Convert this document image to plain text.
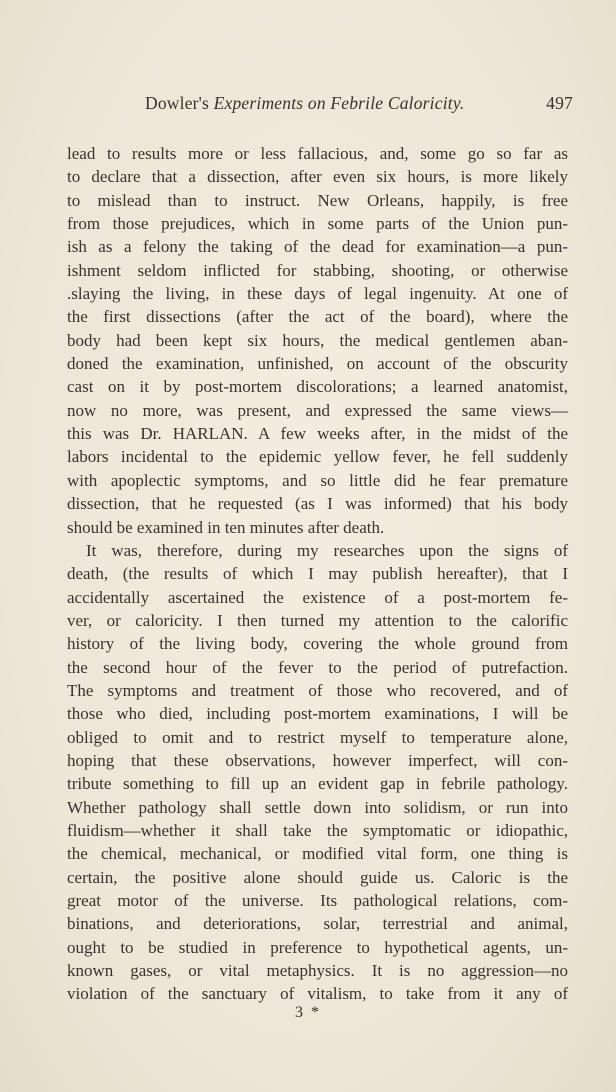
Dowler's Experiments on Febrile Caloricity.	497
lead to results more or less fallacious, and, some go so far as
to declare that a dissection, after even six hours, is more likely
to mislead than to instruct. New Orleans, happily, is free
from those prejudices, which in some parts of the Union pun-
ish as a felony the taking of the dead for examination—a pun-
ishment seldom inflicted for stabbing, shooting, or otherwise
.slaying the living, in these days of legal ingenuity. At one of
the first dissections (after the act of the board), where the
body had been kept six hours, the medical gentlemen aban-
doned the examination, unfinished, on account of the obscurity
cast on it by post-mortem discolorations; a learned anatomist,
now no more, was present, and expressed the same views—
this was Dr. HARLAN. A few weeks after, in the midst of the
labors incidental to the epidemic yellow fever, he fell suddenly
with apoplectic symptoms, and so little did he fear premature
dissection, that he requested (as I was informed) that his body
should be examined in ten minutes after death.
It was, therefore, during my researches upon the signs of
death, (the results of which I may publish hereafter), that I
accidentally ascertained the existence of a post-mortem fe-
ver, or caloricity. I then turned my attention to the calorific
history of the living body, covering the whole ground from
the second hour of the fever to the period of putrefaction.
The symptoms and treatment of those who recovered, and of
those who died, including post-mortem examinations, I will be
obliged to omit and to restrict myself to temperature alone,
hoping that these observations, however imperfect, will con-
tribute something to fill up an evident gap in febrile pathology.
Whether pathology shall settle down into solidism, or run into
fluidism—whether it shall take the symptomatic or idiopathic,
the chemical, mechanical, or modified vital form, one thing is
certain, the positive alone should guide us. Caloric is the
great motor of the universe. Its pathological relations, com-
binations, and deteriorations, solar, terrestrial and animal,
ought to be studied in preference to hypothetical agents, un-
known gases, or vital metaphysics. It is no aggression—no
violation of the sanctuary of vitalism, to take from it any of
3 *
